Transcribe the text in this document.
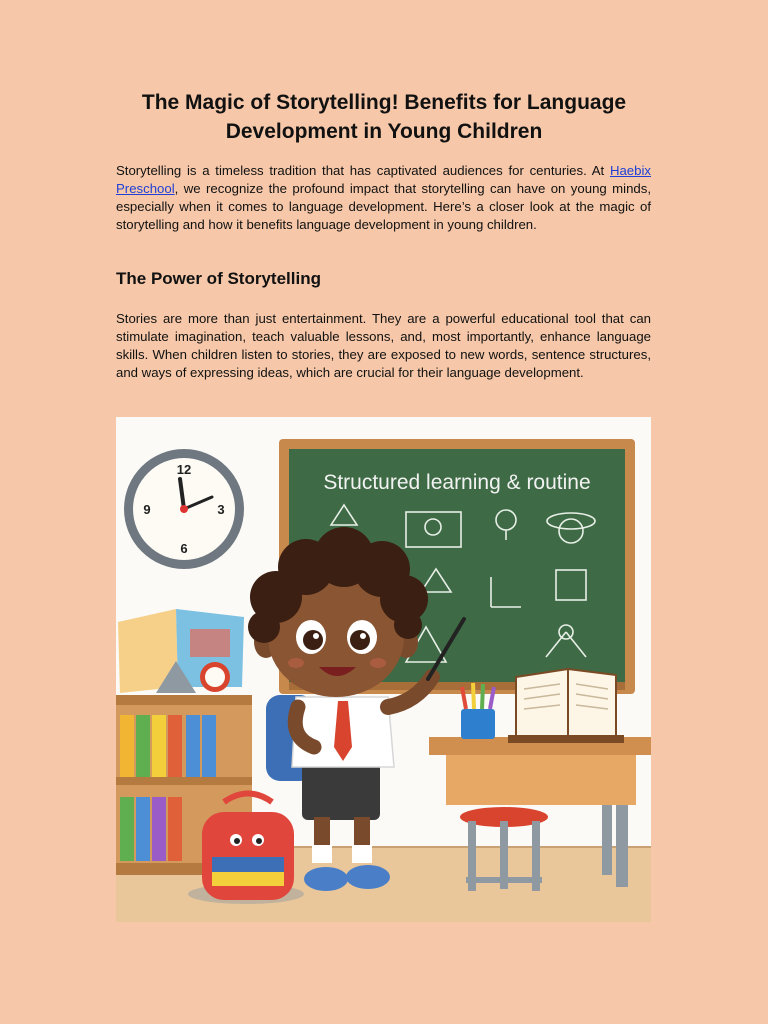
The Magic of Storytelling! Benefits for Language Development in Young Children

Storytelling is a timeless tradition that has captivated audiences for centuries. At Haebix Preschool, we recognize the profound impact that storytelling can have on young minds, especially when it comes to language development. Here’s a closer look at the magic of storytelling and how it benefits language development in young children.

The Power of Storytelling

Stories are more than just entertainment. They are a powerful educational tool that can stimulate imagination, teach valuable lessons, and, most importantly, enhance language skills. When children listen to stories, they are exposed to new words, sentence structures, and ways of expressing ideas, which are crucial for their language development.

Structured learning & routine
12
3
6
9
